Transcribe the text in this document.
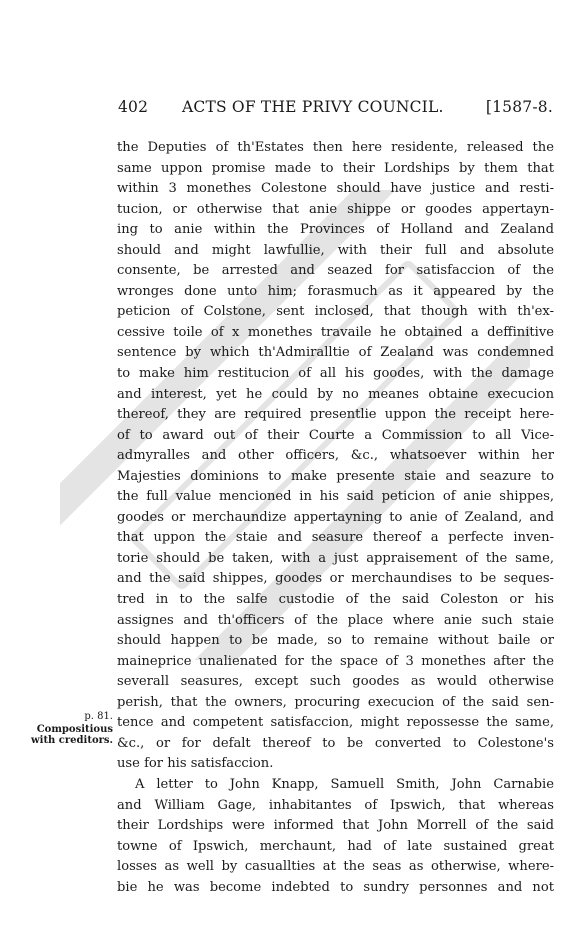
402 ACTS OF THE PRIVY COUNCIL.	[1587-8.
the Deputies of th'Estates then here residente, released the
same uppon promise made to their Lordships by them that
within 3 monethes Colestone should have justice and resti-
tucion, or otherwise that anie shippe or goodes appertayn-
ing to anie within the Provinces of Holland and Zealand
should and might lawfullie, with their full and absolute
consente, be arrested and seazed for satisfaccion of the
wronges done unto him; forasmuch as it appeared by the
peticion of Colstone, sent inclosed, that though with th'ex-
cessive toile of x monethes travaile he obtained a deffinitive
sentence by which th'Admiralltie of Zealand was condemned
to make him restitucion of all his goodes, with the damage
and interest, yet he could by no meanes obtaine execucion
thereof, they are required presentlie uppon the receipt here-
of to award out of their Courte a Commission to all Vice-
admyralles and other officers, &c., whatsoever within her
Majesties dominions to make presente staie and seazure to
the full value mencioned in his said peticion of anie shippes,
goodes or merchaundize appertayning to anie of Zealand, and
that uppon the staie and seasure thereof a perfecte inven-
torie should be taken, with a just appraisement of the same,
and the said shippes, goodes or merchaundises to be seques-
tred in to the salfe custodie of the said Coleston or his
assignes and th'officers of the place where anie such staie
should happen to be made, so to remaine without baile or
maineprice unalienated for the space of 3 monethes after the
severall seasures, except such goodes as would otherwise
perish, that the owners, procuring execucion of the said sen-
tence and competent satisfaccion, might repossesse the same,
&c., or for defalt thereof to be converted to Colestone's
use for his satisfaccion.
A letter to John Knapp, Samuell Smith, John Carnabie
and William Gage, inhabitantes of Ipswich, that whereas
their Lordships were informed that John Morrell of the said
towne of Ipswich, merchaunt, had of late sustained great
losses as well by casuallties at the seas as otherwise, where-
bie he was become indebted to sundry personnes and not
p. 81.
Compositious
with creditors.
